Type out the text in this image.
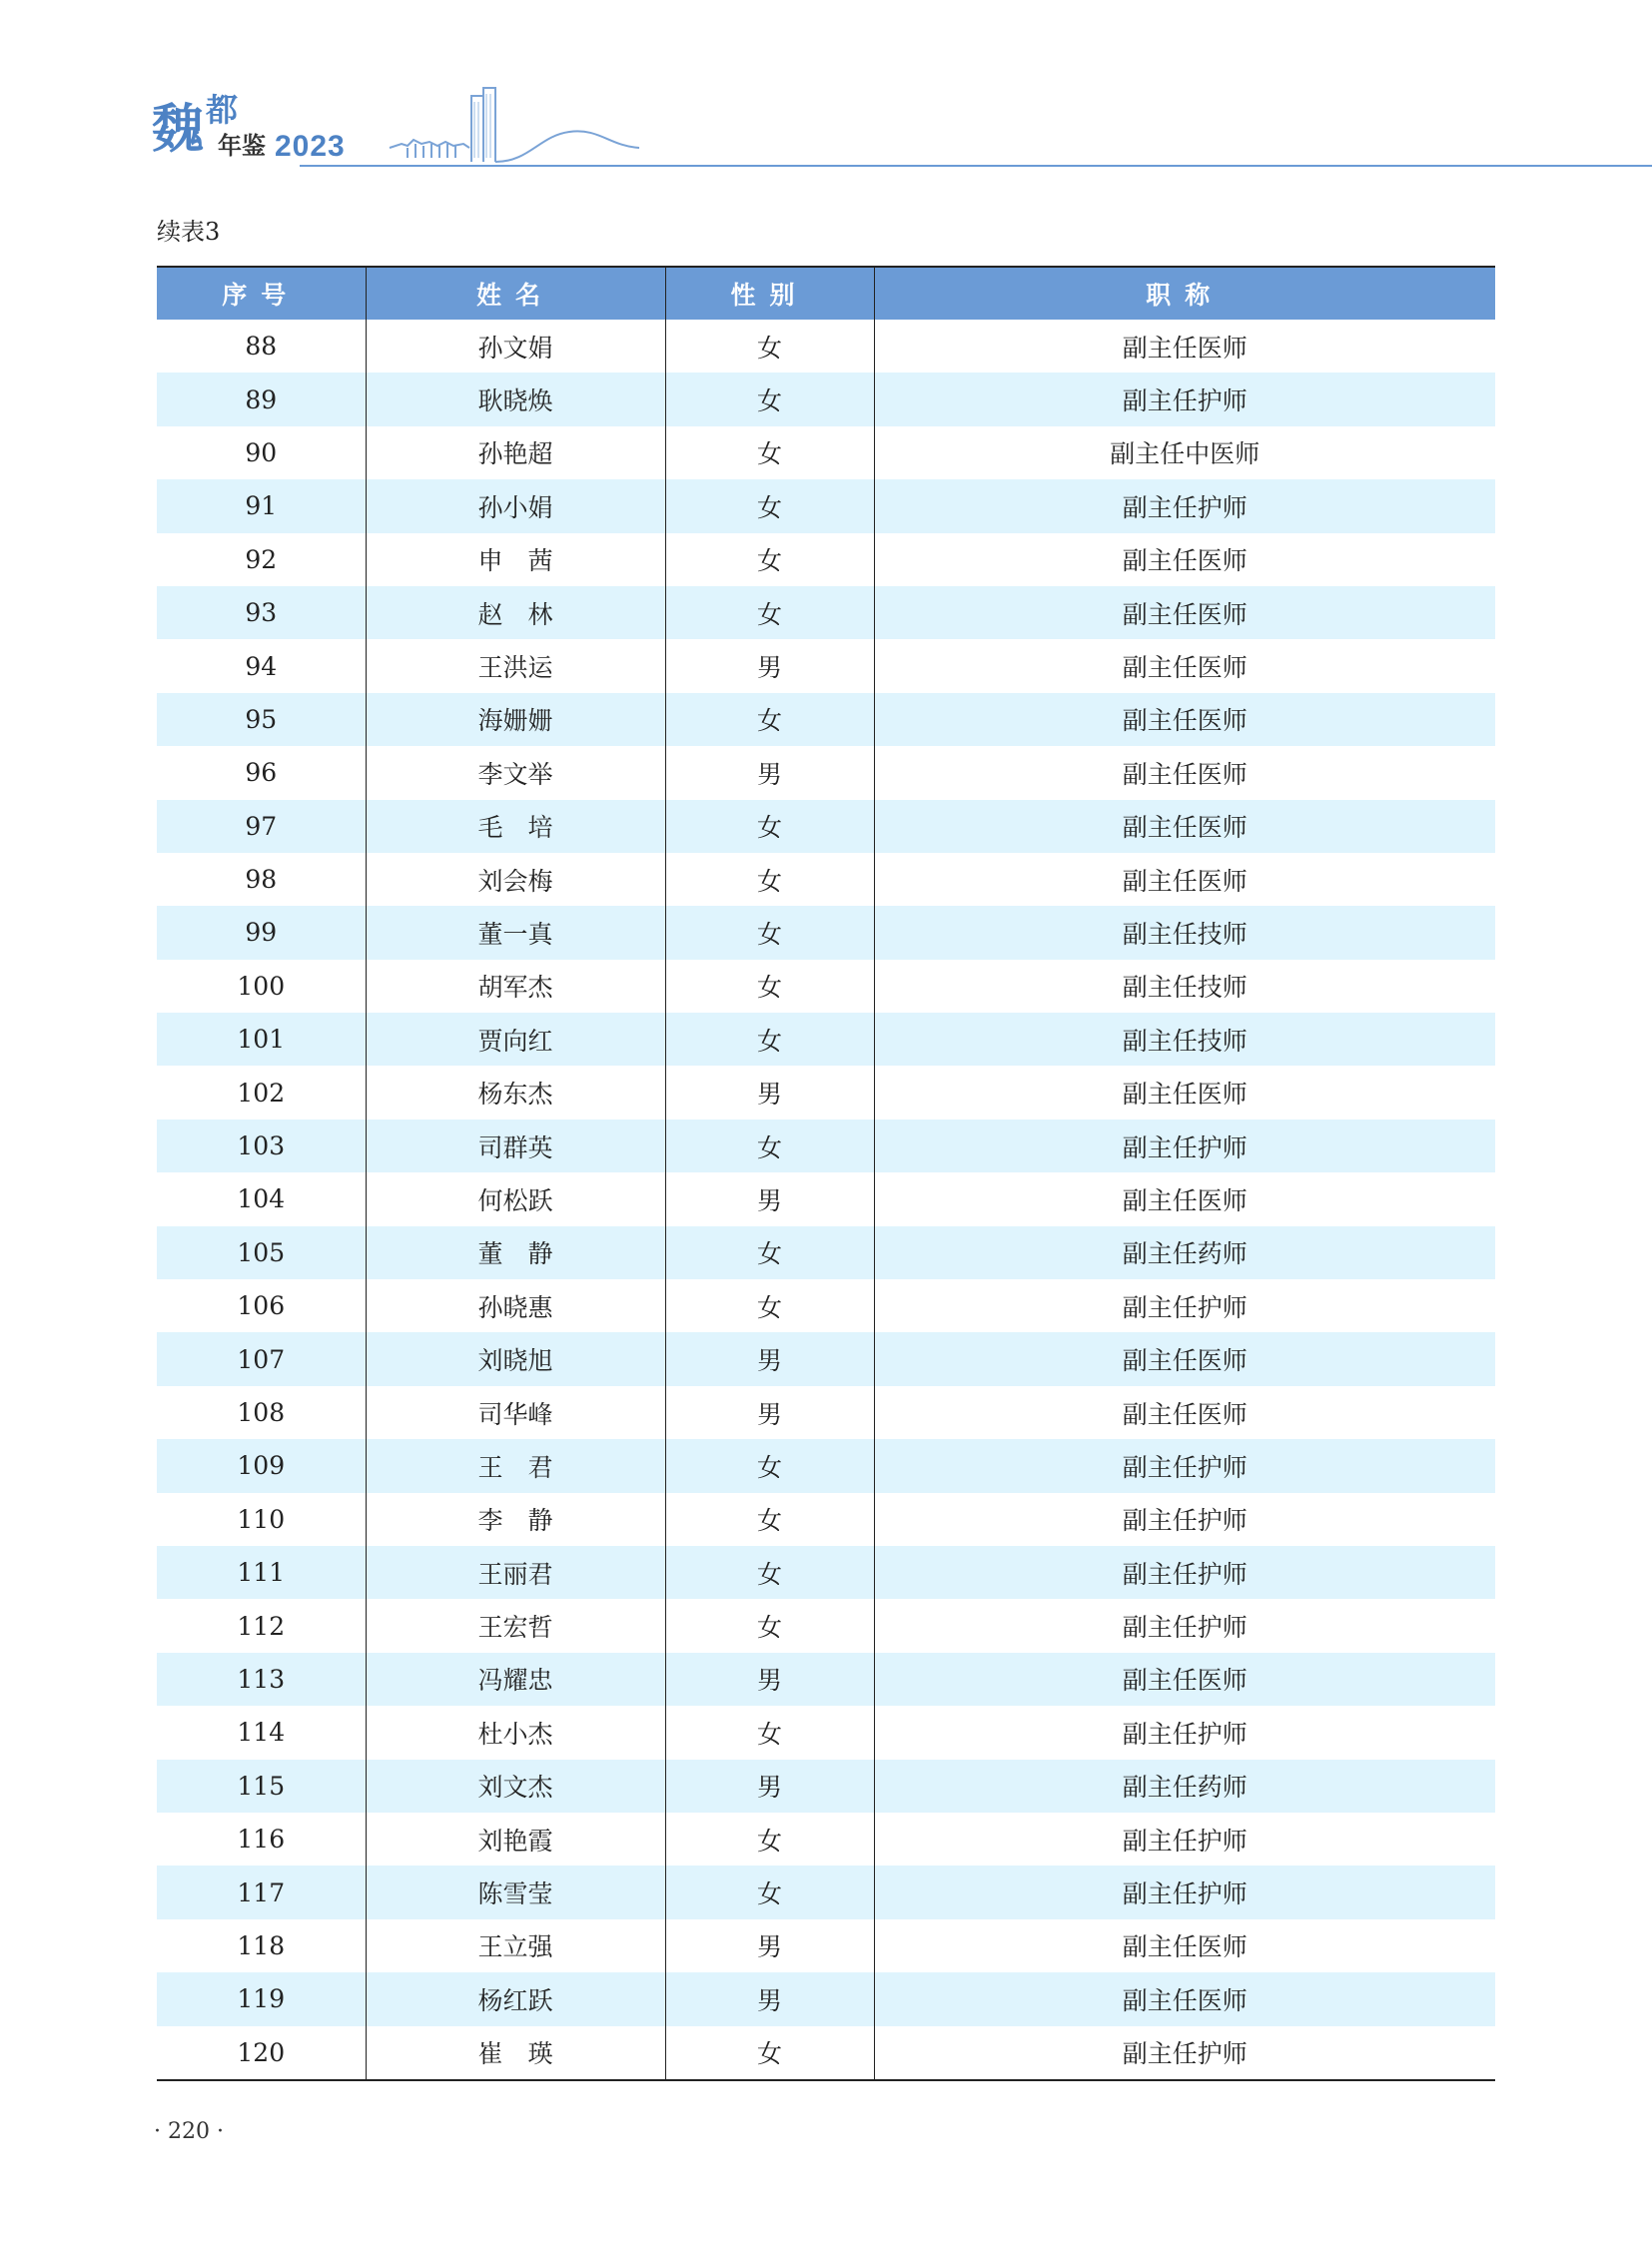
魏 都
年鉴 2023
续表3
序号	姓名	性别	职称
88	孙文娟	女	副主任医师
89	耿晓焕	女	副主任护师
90	孙艳超	女	副主任中医师
91	孙小娟	女	副主任护师
92	申　茜	女	副主任医师
93	赵　林	女	副主任医师
94	王洪运	男	副主任医师
95	海姗姗	女	副主任医师
96	李文举	男	副主任医师
97	毛　培	女	副主任医师
98	刘会梅	女	副主任医师
99	董一真	女	副主任技师
100	胡军杰	女	副主任技师
101	贾向红	女	副主任技师
102	杨东杰	男	副主任医师
103	司群英	女	副主任护师
104	何松跃	男	副主任医师
105	董　静	女	副主任药师
106	孙晓惠	女	副主任护师
107	刘晓旭	男	副主任医师
108	司华峰	男	副主任医师
109	王　君	女	副主任护师
110	李　静	女	副主任护师
111	王丽君	女	副主任护师
112	王宏哲	女	副主任护师
113	冯耀忠	男	副主任医师
114	杜小杰	女	副主任护师
115	刘文杰	男	副主任药师
116	刘艳霞	女	副主任护师
117	陈雪莹	女	副主任护师
118	王立强	男	副主任医师
119	杨红跃	男	副主任医师
120	崔　瑛	女	副主任护师
· 220 ·
